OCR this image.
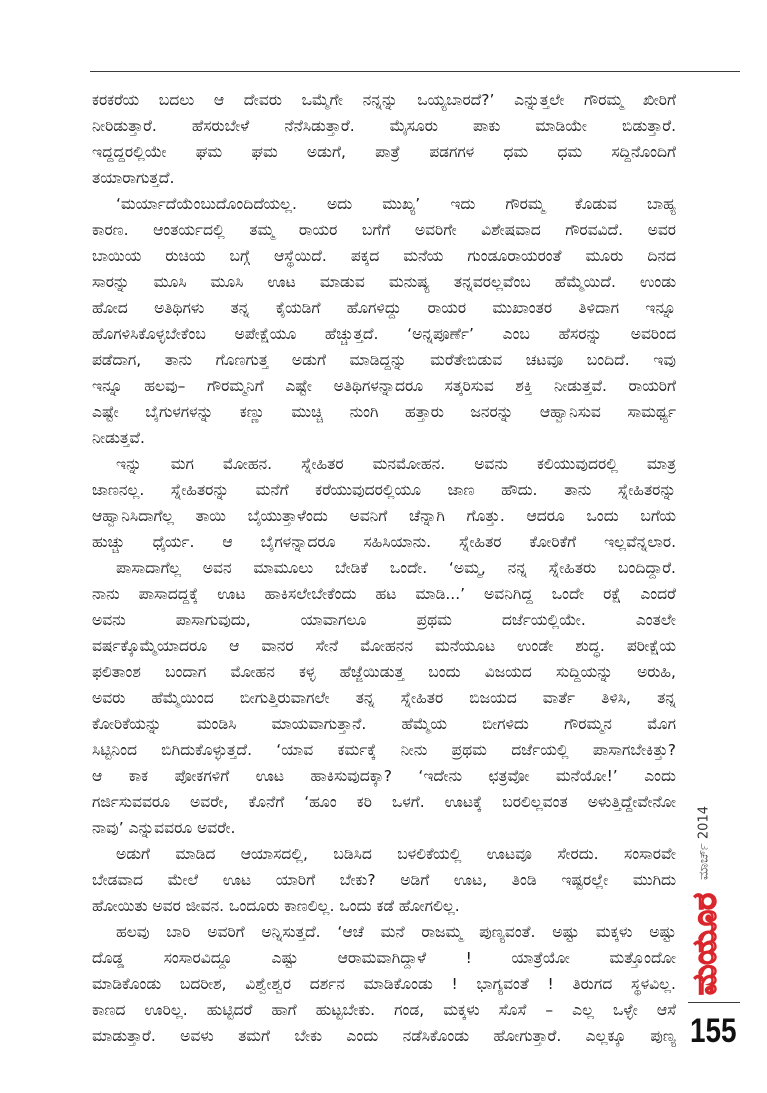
ಕರಕರೆಯ ಬದಲು ಆ ದೇವರು ಒಮ್ಮೆಗೇ ನನ್ನನ್ನು ಒಯ್ಯಬಾರದೆ?’ ಎನ್ನುತ್ತಲೇ ಗೌರಮ್ಮ ಖೀರಿಗೆ
ನೀರಿಡುತ್ತಾರೆ. ಹೆಸರುಬೇಳೆ ನೆನೆಸಿಡುತ್ತಾರೆ. ಮೈಸೂರು ಪಾಕು ಮಾಡಿಯೇ ಬಿಡುತ್ತಾರೆ.
ಇದ್ದದ್ದರಲ್ಲಿಯೇ ಘಮ ಘಮ ಅಡುಗೆ, ಪಾತ್ರೆ ಪಡಗಗಳ ಧಮ ಧಮ ಸದ್ದಿನೊಂದಿಗೆ
ತಯಾರಾಗುತ್ತದೆ.
‘ಮರ್ಯಾದೆಯೆಂಬುದೊಂದಿದೆಯಲ್ಲ. ಅದು ಮುಖ್ಯ’ ಇದು ಗೌರಮ್ಮ ಕೊಡುವ ಬಾಹ್ಯ
ಕಾರಣ. ಆಂತರ್ಯದಲ್ಲಿ ತಮ್ಮ ರಾಯರ ಬಗೆಗೆ ಅವರಿಗೇ ವಿಶೇಷವಾದ ಗೌರವವಿದೆ. ಅವರ
ಬಾಯಿಯ ರುಚಿಯ ಬಗ್ಗೆ ಆಸ್ಥೆಯಿದೆ. ಪಕ್ಕದ ಮನೆಯ ಗುಂಡೂರಾಯರಂತೆ ಮೂರು ದಿನದ
ಸಾರನ್ನು ಮೂಸಿ ಮೂಸಿ ಊಟ ಮಾಡುವ ಮನುಷ್ಯ ತನ್ನವರಲ್ಲವೆಂಬ ಹೆಮ್ಮೆಯಿದೆ. ಉಂಡು
ಹೋದ ಅತಿಥಿಗಳು ತನ್ನ ಕೈಯಡಿಗೆ ಹೊಗಳಿದ್ದು ರಾಯರ ಮುಖಾಂತರ ತಿಳಿದಾಗ ಇನ್ನೂ
ಹೊಗಳಿಸಿಕೊಳ್ಳಬೇಕೆಂಬ ಅಪೇಕ್ಷೆಯೂ ಹೆಚ್ಚುತ್ತದೆ. ‘ಅನ್ನಪೂರ್ಣೆ’ ಎಂಬ ಹೆಸರನ್ನು ಅವರಿಂದ
ಪಡೆದಾಗ, ತಾನು ಗೊಣಗುತ್ತ ಅಡುಗೆ ಮಾಡಿದ್ದನ್ನು ಮರೆತೇಬಿಡುವ ಚಟವೂ ಬಂದಿದೆ. ಇವು
ಇನ್ನೂ ಹಲವು– ಗೌರಮ್ಮನಿಗೆ ಎಷ್ಟೇ ಅತಿಥಿಗಳನ್ನಾದರೂ ಸತ್ಕರಿಸುವ ಶಕ್ತಿ ನೀಡುತ್ತವೆ. ರಾಯರಿಗೆ
ಎಷ್ಟೇ ಬೈಗುಳಗಳನ್ನು ಕಣ್ಣು ಮುಚ್ಚಿ ನುಂಗಿ ಹತ್ತಾರು ಜನರನ್ನು ಆಹ್ವಾನಿಸುವ ಸಾಮರ್ಥ್ಯ
ನೀಡುತ್ತವೆ.
ಇನ್ನು ಮಗ ಮೋಹನ. ಸ್ನೇಹಿತರ ಮನಮೋಹನ. ಅವನು ಕಲಿಯುವುದರಲ್ಲಿ ಮಾತ್ರ
ಜಾಣನಲ್ಲ. ಸ್ನೇಹಿತರನ್ನು ಮನೆಗೆ ಕರೆಯುವುದರಲ್ಲಿಯೂ ಜಾಣ ಹೌದು. ತಾನು ಸ್ನೇಹಿತರನ್ನು
ಆಹ್ವಾನಿಸಿದಾಗೆಲ್ಲ ತಾಯಿ ಬೈಯುತ್ತಾಳೆಂದು ಅವನಿಗೆ ಚೆನ್ನಾಗಿ ಗೊತ್ತು. ಆದರೂ ಒಂದು ಬಗೆಯ
ಹುಚ್ಚು ಧೈರ್ಯ. ಆ ಬೈಗಳನ್ನಾದರೂ ಸಹಿಸಿಯಾನು. ಸ್ನೇಹಿತರ ಕೋರಿಕೆಗೆ ಇಲ್ಲವೆನ್ನಲಾರ.
ಪಾಸಾದಾಗೆಲ್ಲ ಅವನ ಮಾಮೂಲು ಬೇಡಿಕೆ ಒಂದೇ. ‘ಅಮ್ಮ, ನನ್ನ ಸ್ನೇಹಿತರು ಬಂದಿದ್ದಾರೆ.
ನಾನು ಪಾಸಾದದ್ದಕ್ಕೆ ಊಟ ಹಾಕಿಸಲೇಬೇಕೆಂದು ಹಟ ಮಾಡಿ...’ ಅವನಿಗಿದ್ದ ಒಂದೇ ರಕ್ಷೆ ಎಂದರೆ
ಅವನು ಪಾಸಾಗುವುದು, ಯಾವಾಗಲೂ ಪ್ರಥಮ ದರ್ಜೆಯಲ್ಲಿಯೇ. ಎಂತಲೇ
ವರ್ಷಕ್ಕೊಮ್ಮೆಯಾದರೂ ಆ ವಾನರ ಸೇನೆ ಮೋಹನನ ಮನೆಯೂಟ ಉಂಡೇ ಶುದ್ಧ. ಪರೀಕ್ಷೆಯ
ಫಲಿತಾಂಶ ಬಂದಾಗ ಮೋಹನ ಕಳ್ಳ ಹೆಜ್ಜೆಯಿಡುತ್ತ ಬಂದು ವಿಜಯದ ಸುದ್ದಿಯನ್ನು ಅರುಹಿ,
ಅವರು ಹೆಮ್ಮೆಯಿಂದ ಬೀಗುತ್ತಿರುವಾಗಲೇ ತನ್ನ ಸ್ನೇಹಿತರ ಬಿಜಯದ ವಾರ್ತೆ ತಿಳಿಸಿ, ತನ್ನ
ಕೋರಿಕೆಯನ್ನು ಮಂಡಿಸಿ ಮಾಯವಾಗುತ್ತಾನೆ. ಹೆಮ್ಮೆಯ ಬೀಗಳಿದು ಗೌರಮ್ಮನ ಮೊಗ
ಸಿಟ್ಟಿನಿಂದ ಬಿಗಿದುಕೊಳ್ಳುತ್ತದೆ. ‘ಯಾವ ಕರ್ಮಕ್ಕೆ ನೀನು ಪ್ರಥಮ ದರ್ಜೆಯಲ್ಲಿ ಪಾಸಾಗಬೇಕಿತ್ತು?
ಆ ಕಾಕ ಪೋಕಗಳಿಗೆ ಊಟ ಹಾಕಿಸುವುದಕ್ಕಾ? ‘ಇದೇನು ಛತ್ರವೋ ಮನೆಯೋ!’ ಎಂದು
ಗರ್ಜಿಸುವವರೂ ಅವರೇ, ಕೊನೆಗೆ ‘ಹೂಂ ಕರಿ ಒಳಗೆ. ಊಟಕ್ಕೆ ಬರಲಿಲ್ಲವಂತ ಅಳುತ್ತಿದ್ದೇವೇನೋ
ನಾವು’ ಎನ್ನುವವರೂ ಅವರೇ.
ಅಡುಗೆ ಮಾಡಿದ ಆಯಾಸದಲ್ಲಿ, ಬಡಿಸಿದ ಬಳಲಿಕೆಯಲ್ಲಿ ಊಟವೂ ಸೇರದು. ಸಂಸಾರವೇ
ಬೇಡವಾದ ಮೇಲೆ ಊಟ ಯಾರಿಗೆ ಬೇಕು? ಅಡಿಗೆ ಊಟ, ತಿಂಡಿ ಇಷ್ಟರಲ್ಲೇ ಮುಗಿದು
ಹೋಯಿತು ಅವರ ಜೀವನ. ಒಂದೂರು ಕಾಣಲಿಲ್ಲ. ಒಂದು ಕಡೆ ಹೋಗಲಿಲ್ಲ.
ಹಲವು ಬಾರಿ ಅವರಿಗೆ ಅನ್ನಿಸುತ್ತದೆ. ‘ಆಚೆ ಮನೆ ರಾಜಮ್ಮ ಪುಣ್ಯವಂತೆ. ಅಷ್ಟು ಮಕ್ಕಳು ಅಷ್ಟು
ದೊಡ್ಡ ಸಂಸಾರವಿದ್ದೂ ಎಷ್ಟು ಆರಾಮವಾಗಿದ್ದಾಳೆ ! ಯಾತ್ರೆಯೋ ಮತ್ತೊಂದೋ
ಮಾಡಿಕೊಂಡು ಬದರೀಶ, ವಿಶ್ವೇಶ್ವರ ದರ್ಶನ ಮಾಡಿಕೊಂಡು ! ಭಾಗ್ಯವಂತೆ ! ತಿರುಗದ ಸ್ಥಳವಿಲ್ಲ.
ಕಾಣದ ಊರಿಲ್ಲ. ಹುಟ್ಟಿದರೆ ಹಾಗೆ ಹುಟ್ಟಬೇಕು. ಗಂಡ, ಮಕ್ಕಳು ಸೊಸೆ – ಎಲ್ಲ ಒಳ್ಳೇ ಆಸೆ
ಮಾಡುತ್ತಾರೆ. ಅವಳು ತಮಗೆ ಬೇಕು ಎಂದು ನಡೆಸಿಕೊಂಡು ಹೋಗುತ್ತಾರೆ. ಎಲ್ಲಕ್ಕೂ ಪುಣ್ಯ
ಮಾರ್ಚ್ 2014
ಮಯೂರ
155
